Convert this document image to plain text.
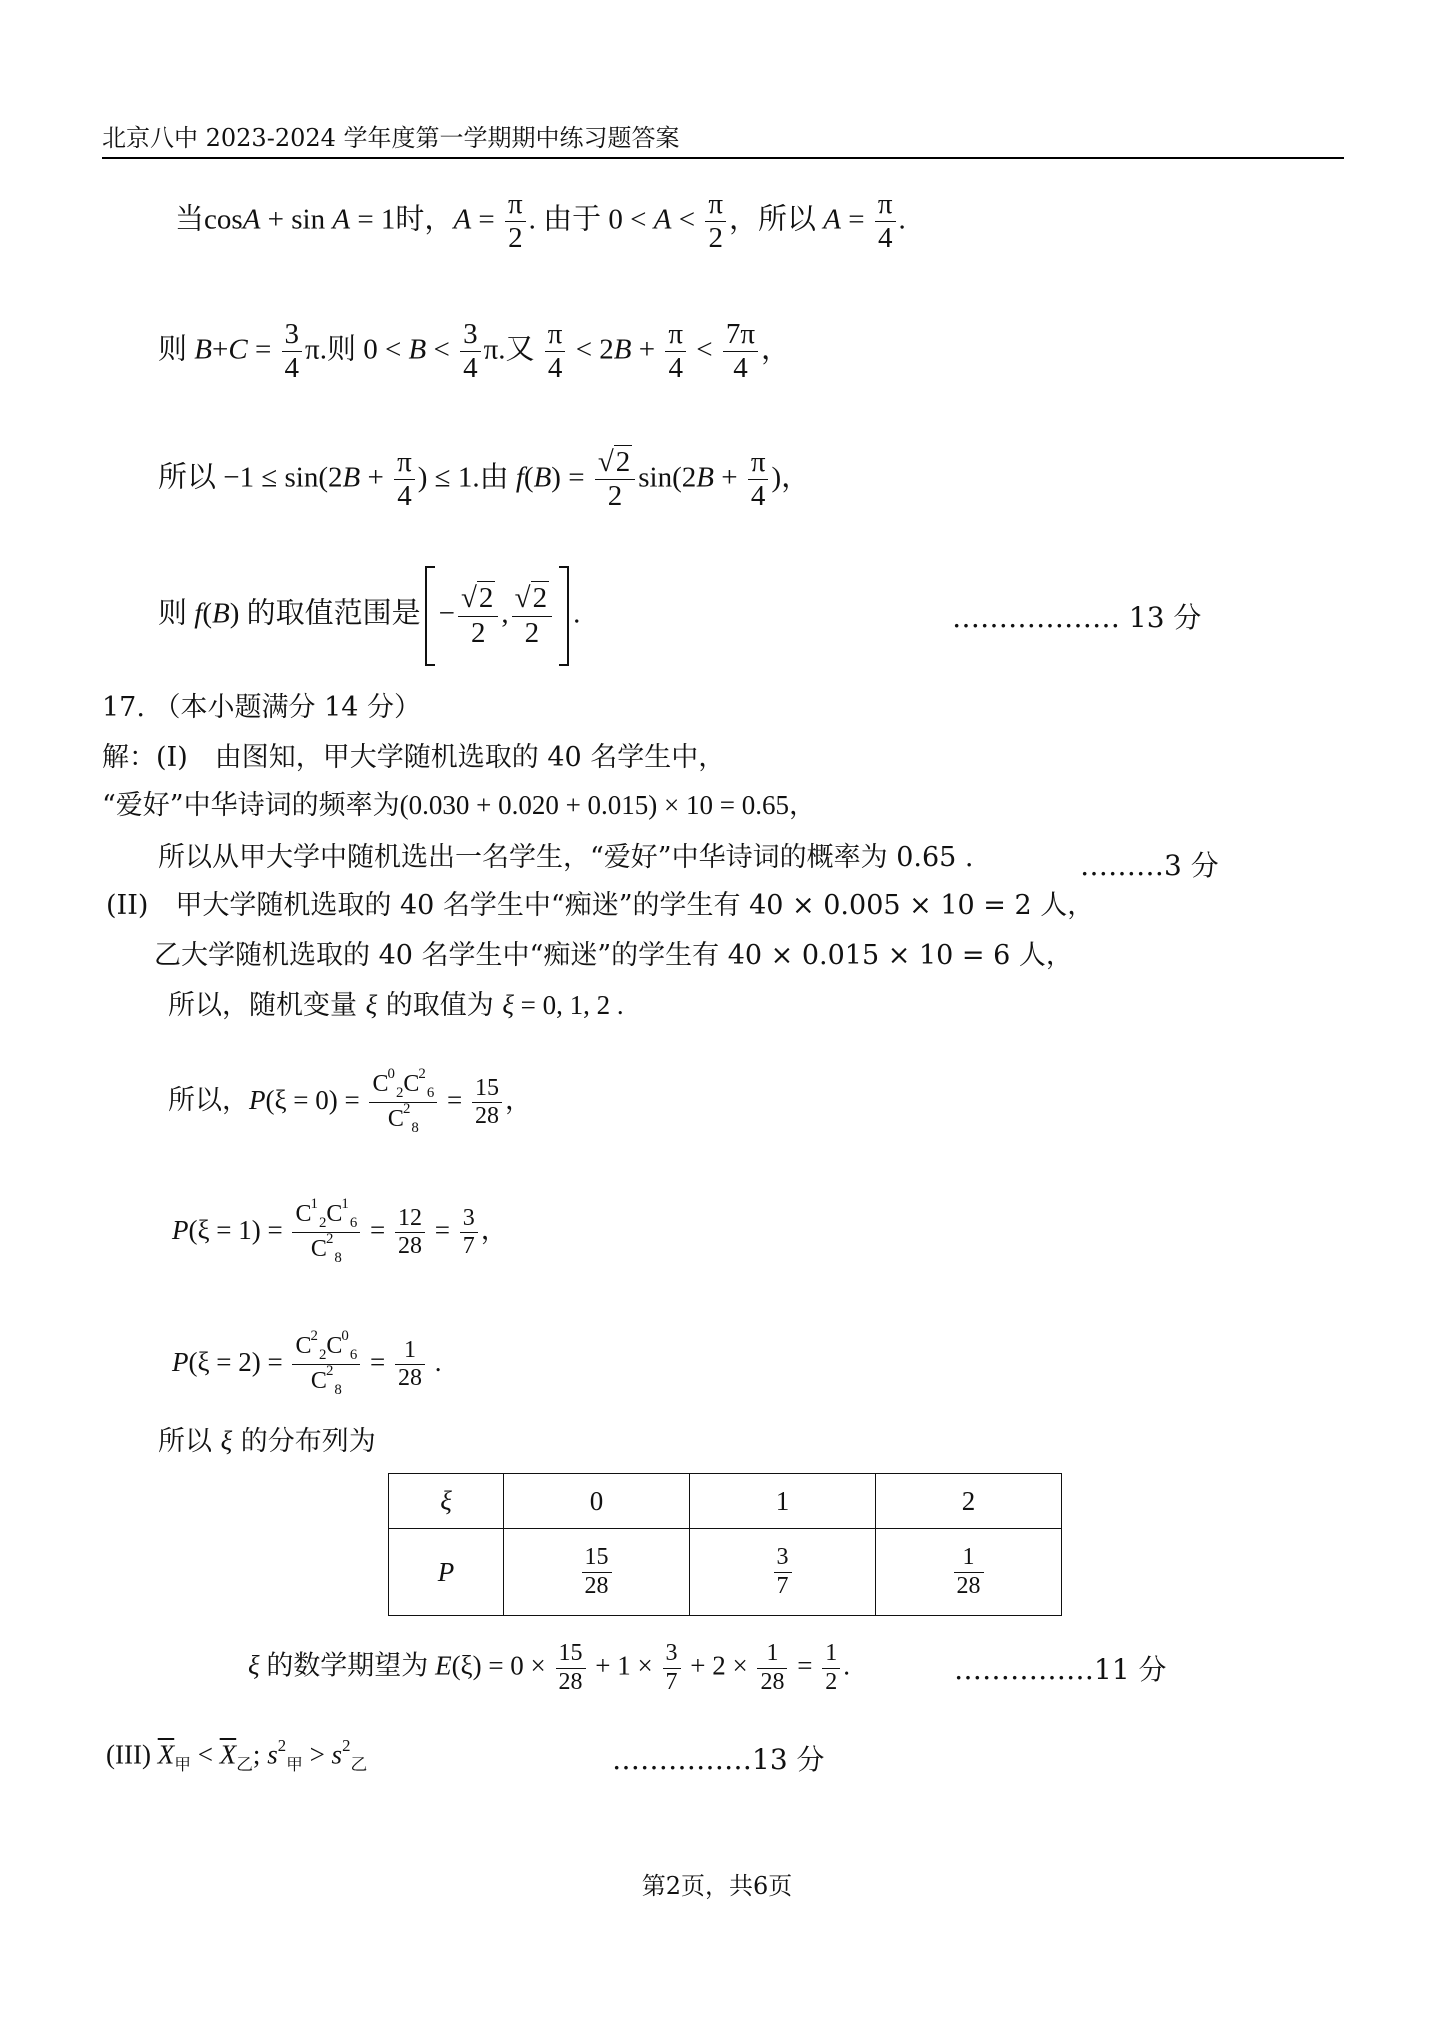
北京八中 2023-2024 学年度第一学期期中练习题答案
当cosA + sin A = 1时，$A = \frac{\pi}{2}$ . 由于 $0 < A < \frac{\pi}{2}$ ，所以 $A = \frac{\pi}{4}$ .
则 $B+C = \frac{3}{4} \pi$.则 $0 < B < \frac{3}{4} \pi$.又 $\frac{\pi}{4} < 2B + \frac{\pi}{4} < \frac{7\pi}{4}$ ，
所以 $-1 \le \sin(2B + \frac{\pi}{4}$ ) ≤ 1.由 $f(B) = \frac{√2}{2} \sin(2B + \frac{\pi}{4}$ )，
则 f(B) 的取值范围是 − $\frac{√2}{2}$ , $\frac{√2}{2}$ .	……………… 13 分
17. （本小题满分 14 分）
解：(I)　由图知，甲大学随机选取的 40 名学生中，
“爱好”中华诗词的频率为(0.030 + 0.020 + 0.015) × 10 = 0.65，
所以从甲大学中随机选出一名学生，“爱好”中华诗词的概率为 0.65 .	………3 分
(II)　甲大学随机选取的 40 名学生中“痴迷”的学生有 40 × 0.005 × 10 = 2 人，
乙大学随机选取的 40 名学生中“痴迷”的学生有 40 × 0.015 × 10 = 6 人，
所以，随机变量 ξ 的取值为 ξ = 0, 1, 2 .
所以，$P(\xi = 0) = \frac{C^0_2C^2_6}{C^2_8} = \frac{15}{28}$ ，
$P(\xi = 1) = \frac{C^1_2C^1_6}{C^2_8} = \frac{12}{28} = \frac{3}{7}$ ，
$P(\xi = 2) = \frac{C^2_2C^0_6}{C^2_8} = \frac{1}{28}$ .
所以 ξ 的分布列为
ξ	0	1	2
P	$\frac{15}{28}$	$\frac{3}{7}$	$\frac{1}{28}$
ξ 的数学期望为 $E(\xi) = 0 \times \frac{15}{28} + 1 \times \frac{3}{7} + 2 \times \frac{1}{28} = \frac{1}{2}$ .	……………11 分
(III) $\overline{X}_甲 < \overline{X}_乙$; $s^2_甲 > s^2_乙$	……………13 分
第2页，共6页
